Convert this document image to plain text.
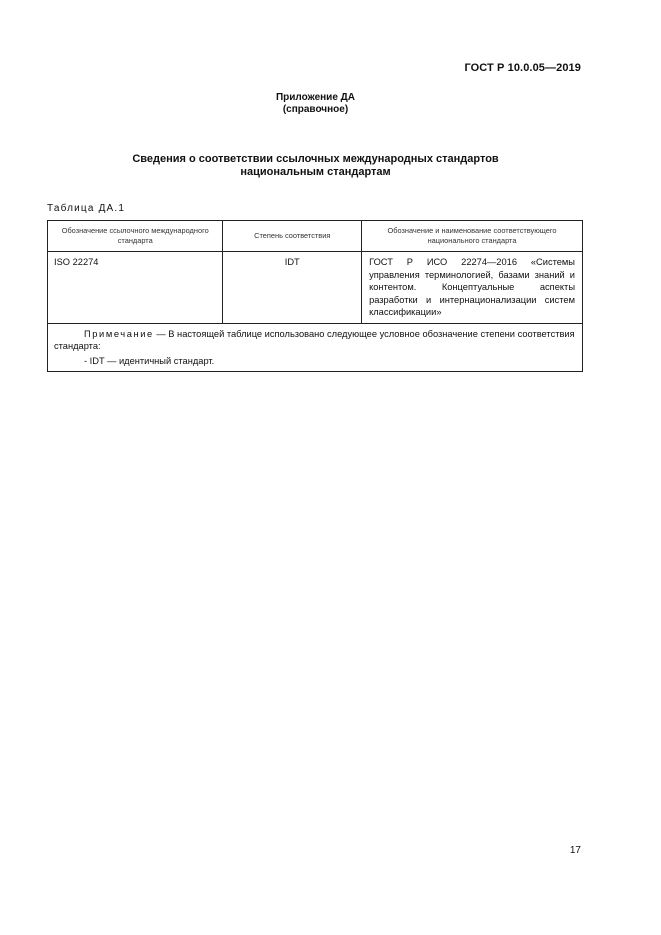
ГОСТ Р 10.0.05—2019
Приложение ДА
(справочное)
Сведения о соответствии ссылочных международных стандартов
национальным стандартам
Таблица ДА.1
Обозначение ссылочного международного стандарта	Степень соответствия	Обозначение и наименование соответствующего национального стандарта
ISO 22274	IDT	ГОСТ Р ИСО 22274—2016 «Системы управления терминологией, базами знаний и контентом. Концептуальные аспекты разработки и интернационализации систем классификации»

Примечание — В настоящей таблице использовано следующее условное обозначение степени соответствия стандарта:

- IDT — идентичный стандарт.		

17
